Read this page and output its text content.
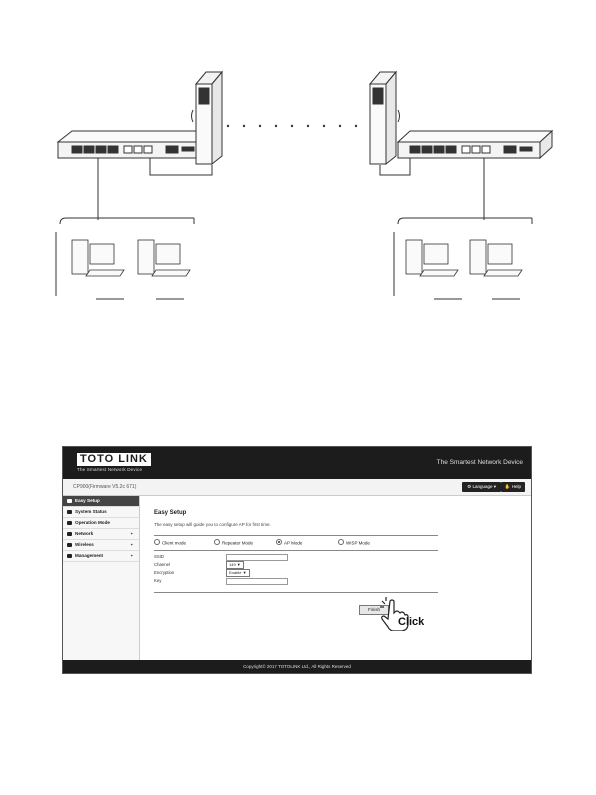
TOTO LINK
The Smartest Network Device
The Smartest Network Device
CP900(Firmware V5.2c 671)	⚙ Language ▾	✋ Help
Easy Setup
System Status
Operation Mode
Network	+
Wireless	+
Management	+
Easy Setup
The easy setup will guide you to configure AP for first time.
Client mode	Repeater Mode	AP Mode	WISP Mode
SSID
Channel	149 ▼
Encryption	Enable ▼
Key
Finish
Copyright© 2017 TOTOLINK Ltd., All Rights Reserved
Click
